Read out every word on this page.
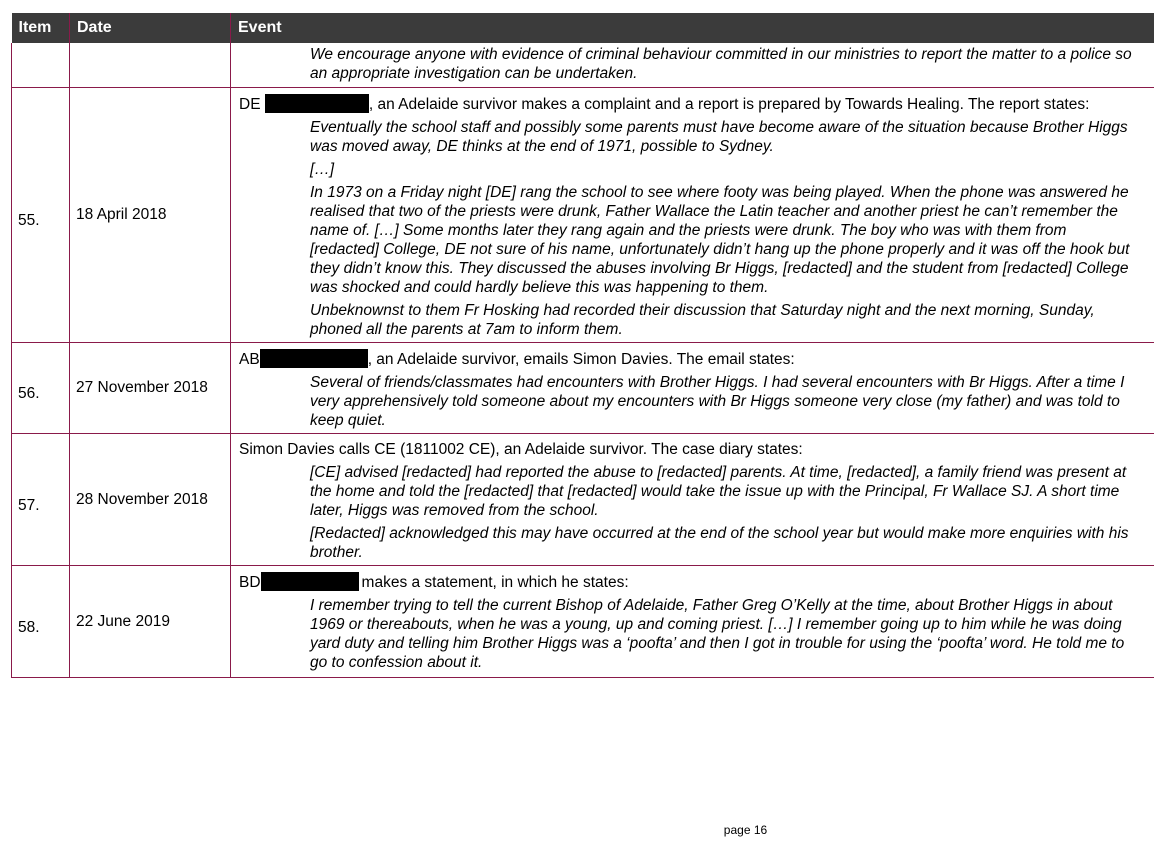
Item	Date	Event

		We encourage anyone with evidence of criminal behaviour committed in our ministries to report the matter to a police so an appropriate investigation can be undertaken.

55.	18 April 2018	DE , an Adelaide survivor makes a complaint and a report is prepared by Towards Healing. The report states:

Eventually the school staff and possibly some parents must have become aware of the situation because Brother Higgs was moved away, DE thinks at the end of 1971, possible to Sydney.

[…]

In 1973 on a Friday night [DE] rang the school to see where footy was being played. When the phone was answered he realised that two of the priests were drunk, Father Wallace the Latin teacher and another priest he can’t remember the name of. […] Some months later they rang again and the priests were drunk. The boy who was with them from [redacted] College, DE not sure of his name, unfortunately didn’t hang up the phone properly and it was off the hook but they didn’t know this. They discussed the abuses involving Br Higgs, [redacted] and the student from [redacted] College was shocked and could hardly believe this was happening to them.

Unbeknownst to them Fr Hosking had recorded their discussion that Saturday night and the next morning, Sunday, phoned all the parents at 7am to inform them.

56.	27 November 2018	AB , an Adelaide survivor, emails Simon Davies. The email states:

Several of friends/classmates had encounters with Brother Higgs. I had several encounters with Br Higgs. After a time I very apprehensively told someone about my encounters with Br Higgs someone very close (my father) and was told to keep quiet.

57.	28 November 2018	Simon Davies calls CE (1811002 CE), an Adelaide survivor. The case diary states:

[CE] advised [redacted] had reported the abuse to [redacted] parents. At time, [redacted], a family friend was present at the home and told the [redacted] that [redacted] would take the issue up with the Principal, Fr Wallace SJ. A short time later, Higgs was removed from the school.

[Redacted] acknowledged this may have occurred at the end of the school year but would make more enquiries with his brother.

58.	22 June 2019	BD makes a statement, in which he states:

I remember trying to tell the current Bishop of Adelaide, Father Greg O’Kelly at the time, about Brother Higgs in about 1969 or thereabouts, when he was a young, up and coming priest. […] I remember going up to him while he was doing yard duty and telling him Brother Higgs was a ‘poofta’ and then I got in trouble for using the ‘poofta’ word. He told me to go to confession about it.

page 16
